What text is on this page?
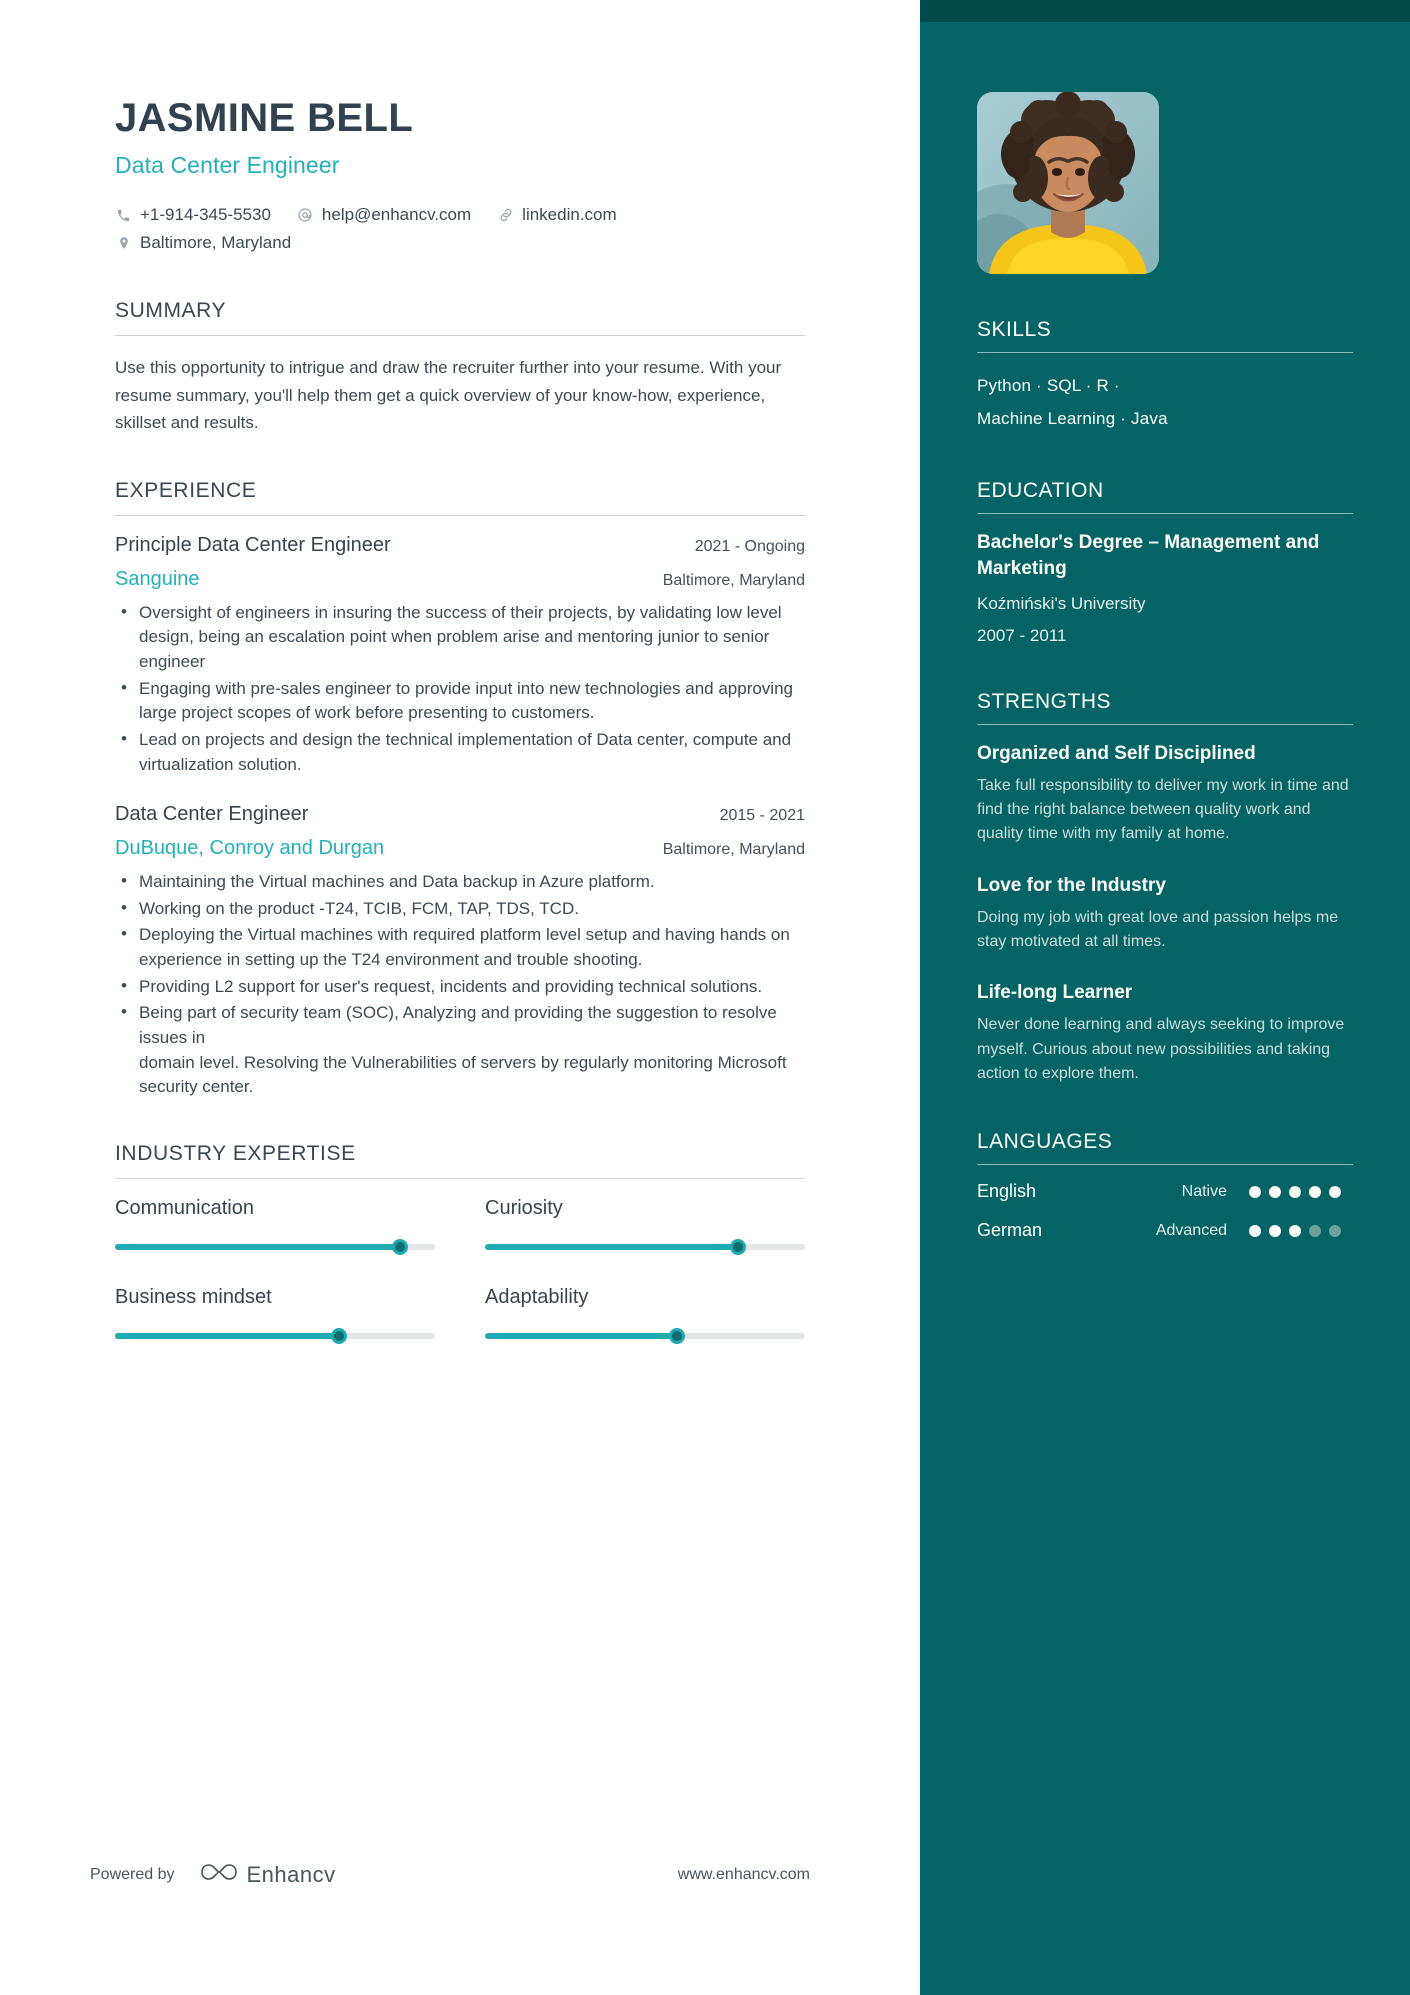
SKILLS
Python · SQL · R ·
Machine Learning · Java
EDUCATION
Bachelor's Degree – Management and Marketing
Koźmiński's University
2007 - 2011
STRENGTHS
Organized and Self Disciplined
Take full responsibility to deliver my work in time and find the right balance between quality work and quality time with my family at home.
Love for the Industry
Doing my job with great love and passion helps me stay motivated at all times.
Life-long Learner
Never done learning and always seeking to improve myself. Curious about new possibilities and taking action to explore them.
LANGUAGES
English	Native
German	Advanced
JASMINE BELL
Data Center Engineer
+1-914-345-5530	help@enhancv.com	linkedin.com
Baltimore, Maryland
SUMMARY
Use this opportunity to intrigue and draw the recruiter further into your resume. With your resume summary, you'll help them get a quick overview of your know-how, experience, skillset and results.
EXPERIENCE
Principle Data Center Engineer	2021 - Ongoing
Sanguine	Baltimore, Maryland
• Oversight of engineers in insuring the success of their projects, by validating low level design, being an escalation point when problem arise and mentoring junior to senior engineer
• Engaging with pre-sales engineer to provide input into new technologies and approving large project scopes of work before presenting to customers.
• Lead on projects and design the technical implementation of Data center, compute and virtualization solution.
Data Center Engineer	2015 - 2021
DuBuque, Conroy and Durgan	Baltimore, Maryland
• Maintaining the Virtual machines and Data backup in Azure platform.
• Working on the product -T24, TCIB, FCM, TAP, TDS, TCD.
• Deploying the Virtual machines with required platform level setup and having hands on experience in setting up the T24 environment and trouble shooting.
• Providing L2 support for user's request, incidents and providing technical solutions.
• Being part of security team (SOC), Analyzing and providing the suggestion to resolve issues in
domain level. Resolving the Vulnerabilities of servers by regularly monitoring Microsoft security center.
INDUSTRY EXPERTISE
Communication	Curiosity
Business mindset	Adaptability
Powered by	Enhancv	www.enhancv.com
